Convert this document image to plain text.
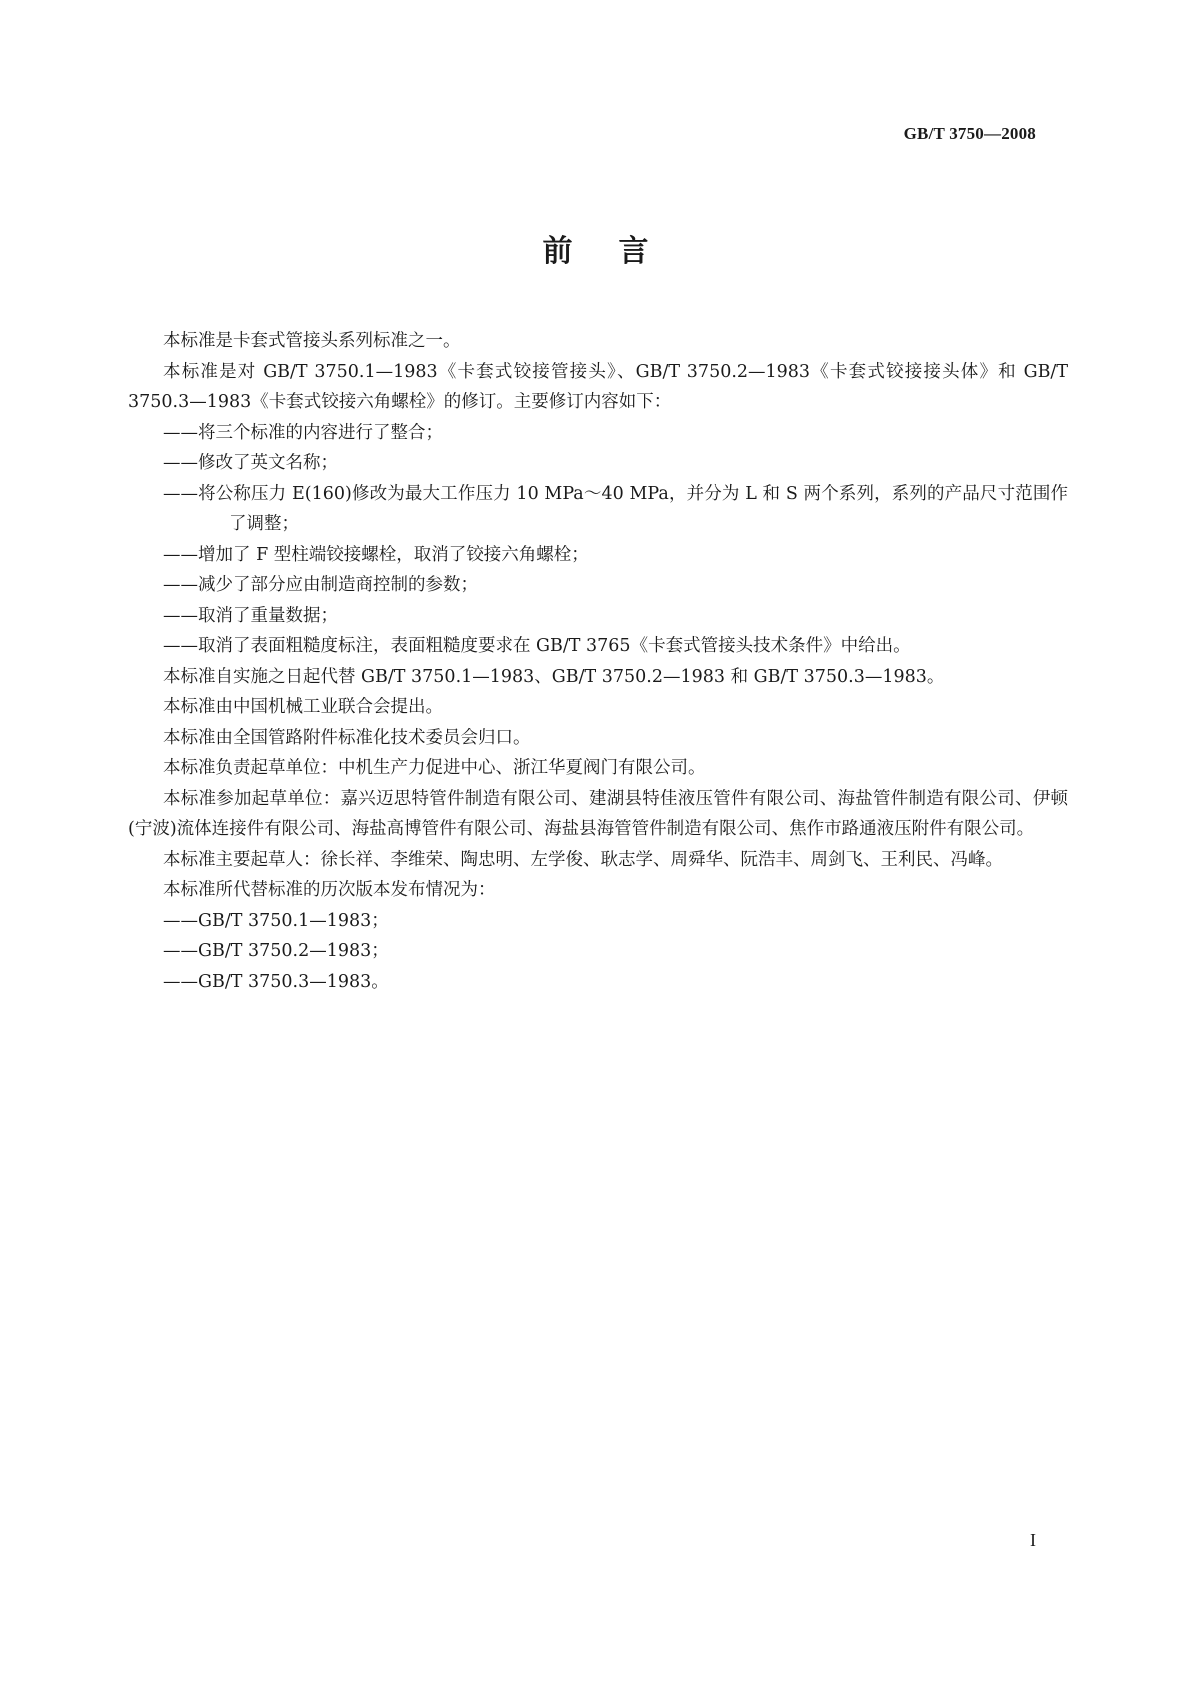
GB/T 3750—2008
前言

本标准是卡套式管接头系列标准之一。

本标准是对 GB/T 3750.1—1983《卡套式铰接管接头》、GB/T 3750.2—1983《卡套式铰接接头体》和 GB/T 3750.3—1983《卡套式铰接六角螺栓》的修订。主要修订内容如下：

——将三个标准的内容进行了整合；

——修改了英文名称；

——将公称压力 E(160)修改为最大工作压力 10 MPa～40 MPa，并分为 L 和 S 两个系列，系列的产品尺寸范围作了调整；

——增加了 F 型柱端铰接螺栓，取消了铰接六角螺栓；

——减少了部分应由制造商控制的参数；

——取消了重量数据；

——取消了表面粗糙度标注，表面粗糙度要求在 GB/T 3765《卡套式管接头技术条件》中给出。

本标准自实施之日起代替 GB/T 3750.1—1983、GB/T 3750.2—1983 和 GB/T 3750.3—1983。

本标准由中国机械工业联合会提出。

本标准由全国管路附件标准化技术委员会归口。

本标准负责起草单位：中机生产力促进中心、浙江华夏阀门有限公司。

本标准参加起草单位：嘉兴迈思特管件制造有限公司、建湖县特佳液压管件有限公司、海盐管件制造有限公司、伊顿(宁波)流体连接件有限公司、海盐高博管件有限公司、海盐县海管管件制造有限公司、焦作市路通液压附件有限公司。

本标准主要起草人：徐长祥、李维荣、陶忠明、左学俊、耿志学、周舜华、阮浩丰、周剑飞、王利民、冯峰。

本标准所代替标准的历次版本发布情况为：

——GB/T 3750.1—1983；

——GB/T 3750.2—1983；

——GB/T 3750.3—1983。

I
